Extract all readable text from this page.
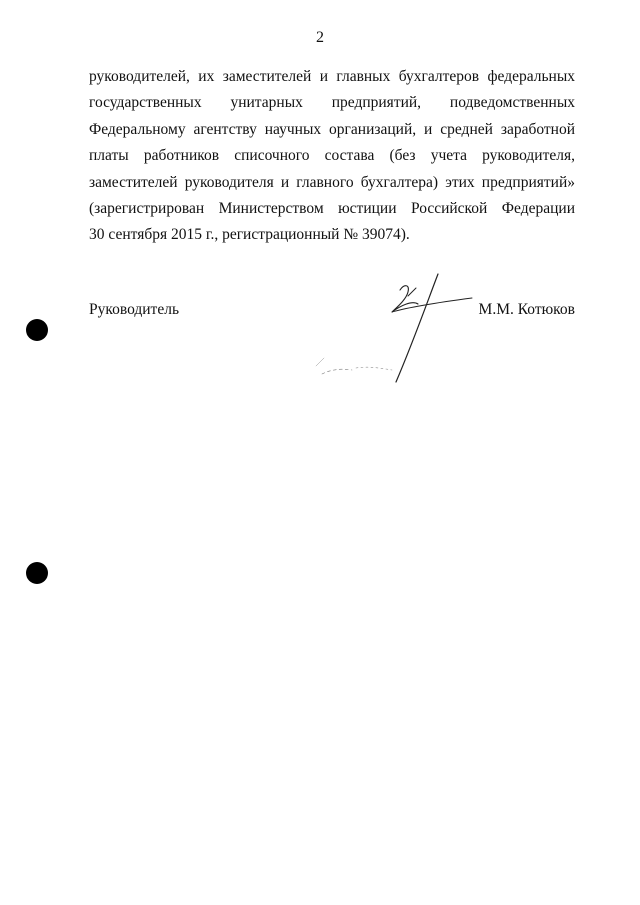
2
руководителей, их заместителей и главных бухгалтеров федеральных
государственных унитарных предприятий, подведомственных
Федеральному агентству научных организаций, и средней заработной
платы работников списочного состава (без учета руководителя,
заместителей руководителя и главного бухгалтера) этих предприятий»
(зарегистрирован Министерством юстиции Российской Федерации
30 сентября 2015 г., регистрационный № 39074).
Руководитель	М.М. Котюков
